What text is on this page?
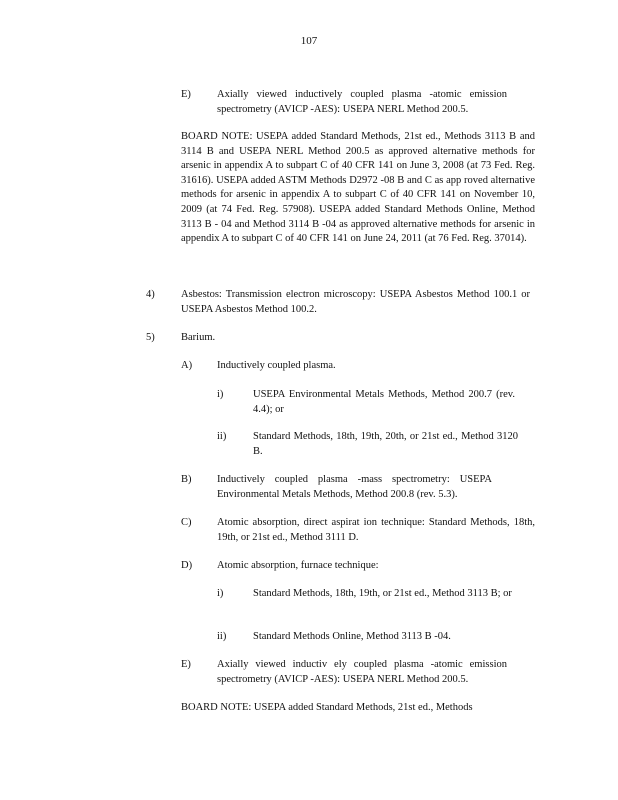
107
E) Axially viewed inductively coupled plasma -atomic emission spectrometry (AVICP -AES): USEPA NERL Method 200.5.
BOARD NOTE: USEPA added Standard Methods, 21st ed., Methods 3113 B and 3114 B and USEPA NERL Method 200.5 as approved alternative methods for arsenic in appendix A to subpart C of 40 CFR 141 on June 3, 2008 (at 73 Fed. Reg. 31616). USEPA added ASTM Methods D2972 -08 B and C as app roved alternative methods for arsenic in appendix A to subpart C of 40 CFR 141 on November 10, 2009 (at 74 Fed. Reg. 57908). USEPA added Standard Methods Online, Method 3113 B - 04 and Method 3114 B -04 as approved alternative methods for arsenic in appendix A to subpart C of 40 CFR 141 on June 24, 2011 (at 76 Fed. Reg. 37014).
4)	Asbestos: Transmission electron microscopy: USEPA Asbestos Method 100.1 or USEPA Asbestos Method 100.2.
5)	Barium.
A) Inductively coupled plasma.
i)	USEPA Environmental Metals Methods, Method 200.7 (rev. 4.4); or
ii)	Standard Methods, 18th, 19th, 20th, or 21st ed., Method 3120 B.
B) Inductively coupled plasma -mass spectrometry: USEPA Environmental Metals Methods, Method 200.8 (rev. 5.3).
C) Atomic absorption, direct aspirat ion technique: Standard Methods, 18th, 19th, or 21st ed., Method 3111 D.
D) Atomic absorption, furnace technique:
i)	Standard Methods, 18th, 19th, or 21st ed., Method 3113 B; or
ii)	Standard Methods Online, Method 3113 B -04.
E) Axially viewed inductiv ely coupled plasma -atomic emission spectrometry (AVICP -AES): USEPA NERL Method 200.5.
BOARD NOTE: USEPA added Standard Methods, 21st ed., Methods
